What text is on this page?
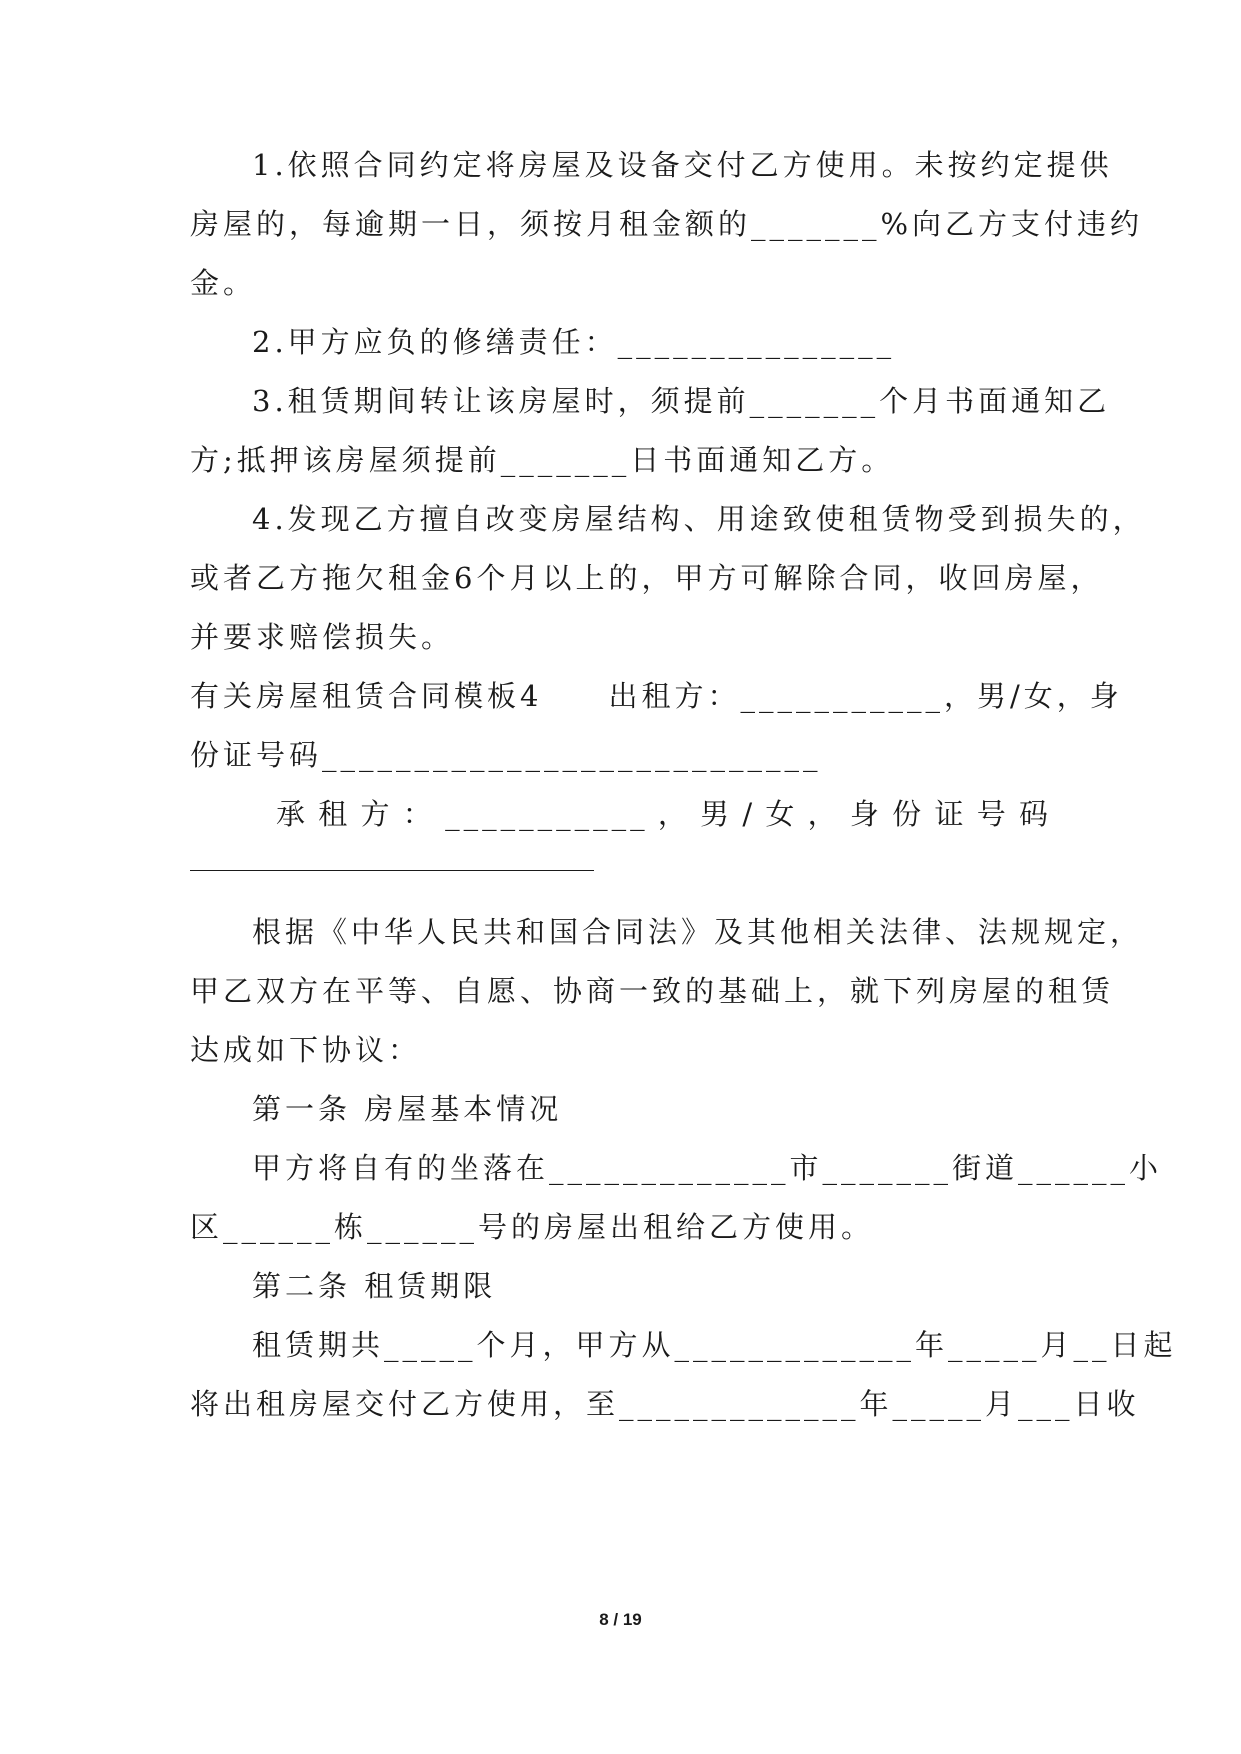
1.依照合同约定将房屋及设备交付乙方使用。未按约定提供
房屋的，每逾期一日，须按月租金额的_______%向乙方支付违约
金。
2.甲方应负的修缮责任：_______________
3.租赁期间转让该房屋时，须提前_______个月书面通知乙
方;抵押该房屋须提前_______日书面通知乙方。
4.发现乙方擅自改变房屋结构、用途致使租赁物受到损失的，
或者乙方拖欠租金6个月以上的，甲方可解除合同，收回房屋，
并要求赔偿损失。
有关房屋租赁合同模板4　　出租方：___________，男/女，身
份证号码___________________________
承 租 方 ： ___________ ， 男 / 女 ， 身 份 证 号 码
根据《中华人民共和国合同法》及其他相关法律、法规规定，
甲乙双方在平等、自愿、协商一致的基础上，就下列房屋的租赁
达成如下协议：
第一条 房屋基本情况
甲方将自有的坐落在_____________市_______街道______小
区______栋______号的房屋出租给乙方使用。
第二条 租赁期限
租赁期共_____个月，甲方从_____________年_____月__日起
将出租房屋交付乙方使用，至_____________年_____月___日收
8 / 19
